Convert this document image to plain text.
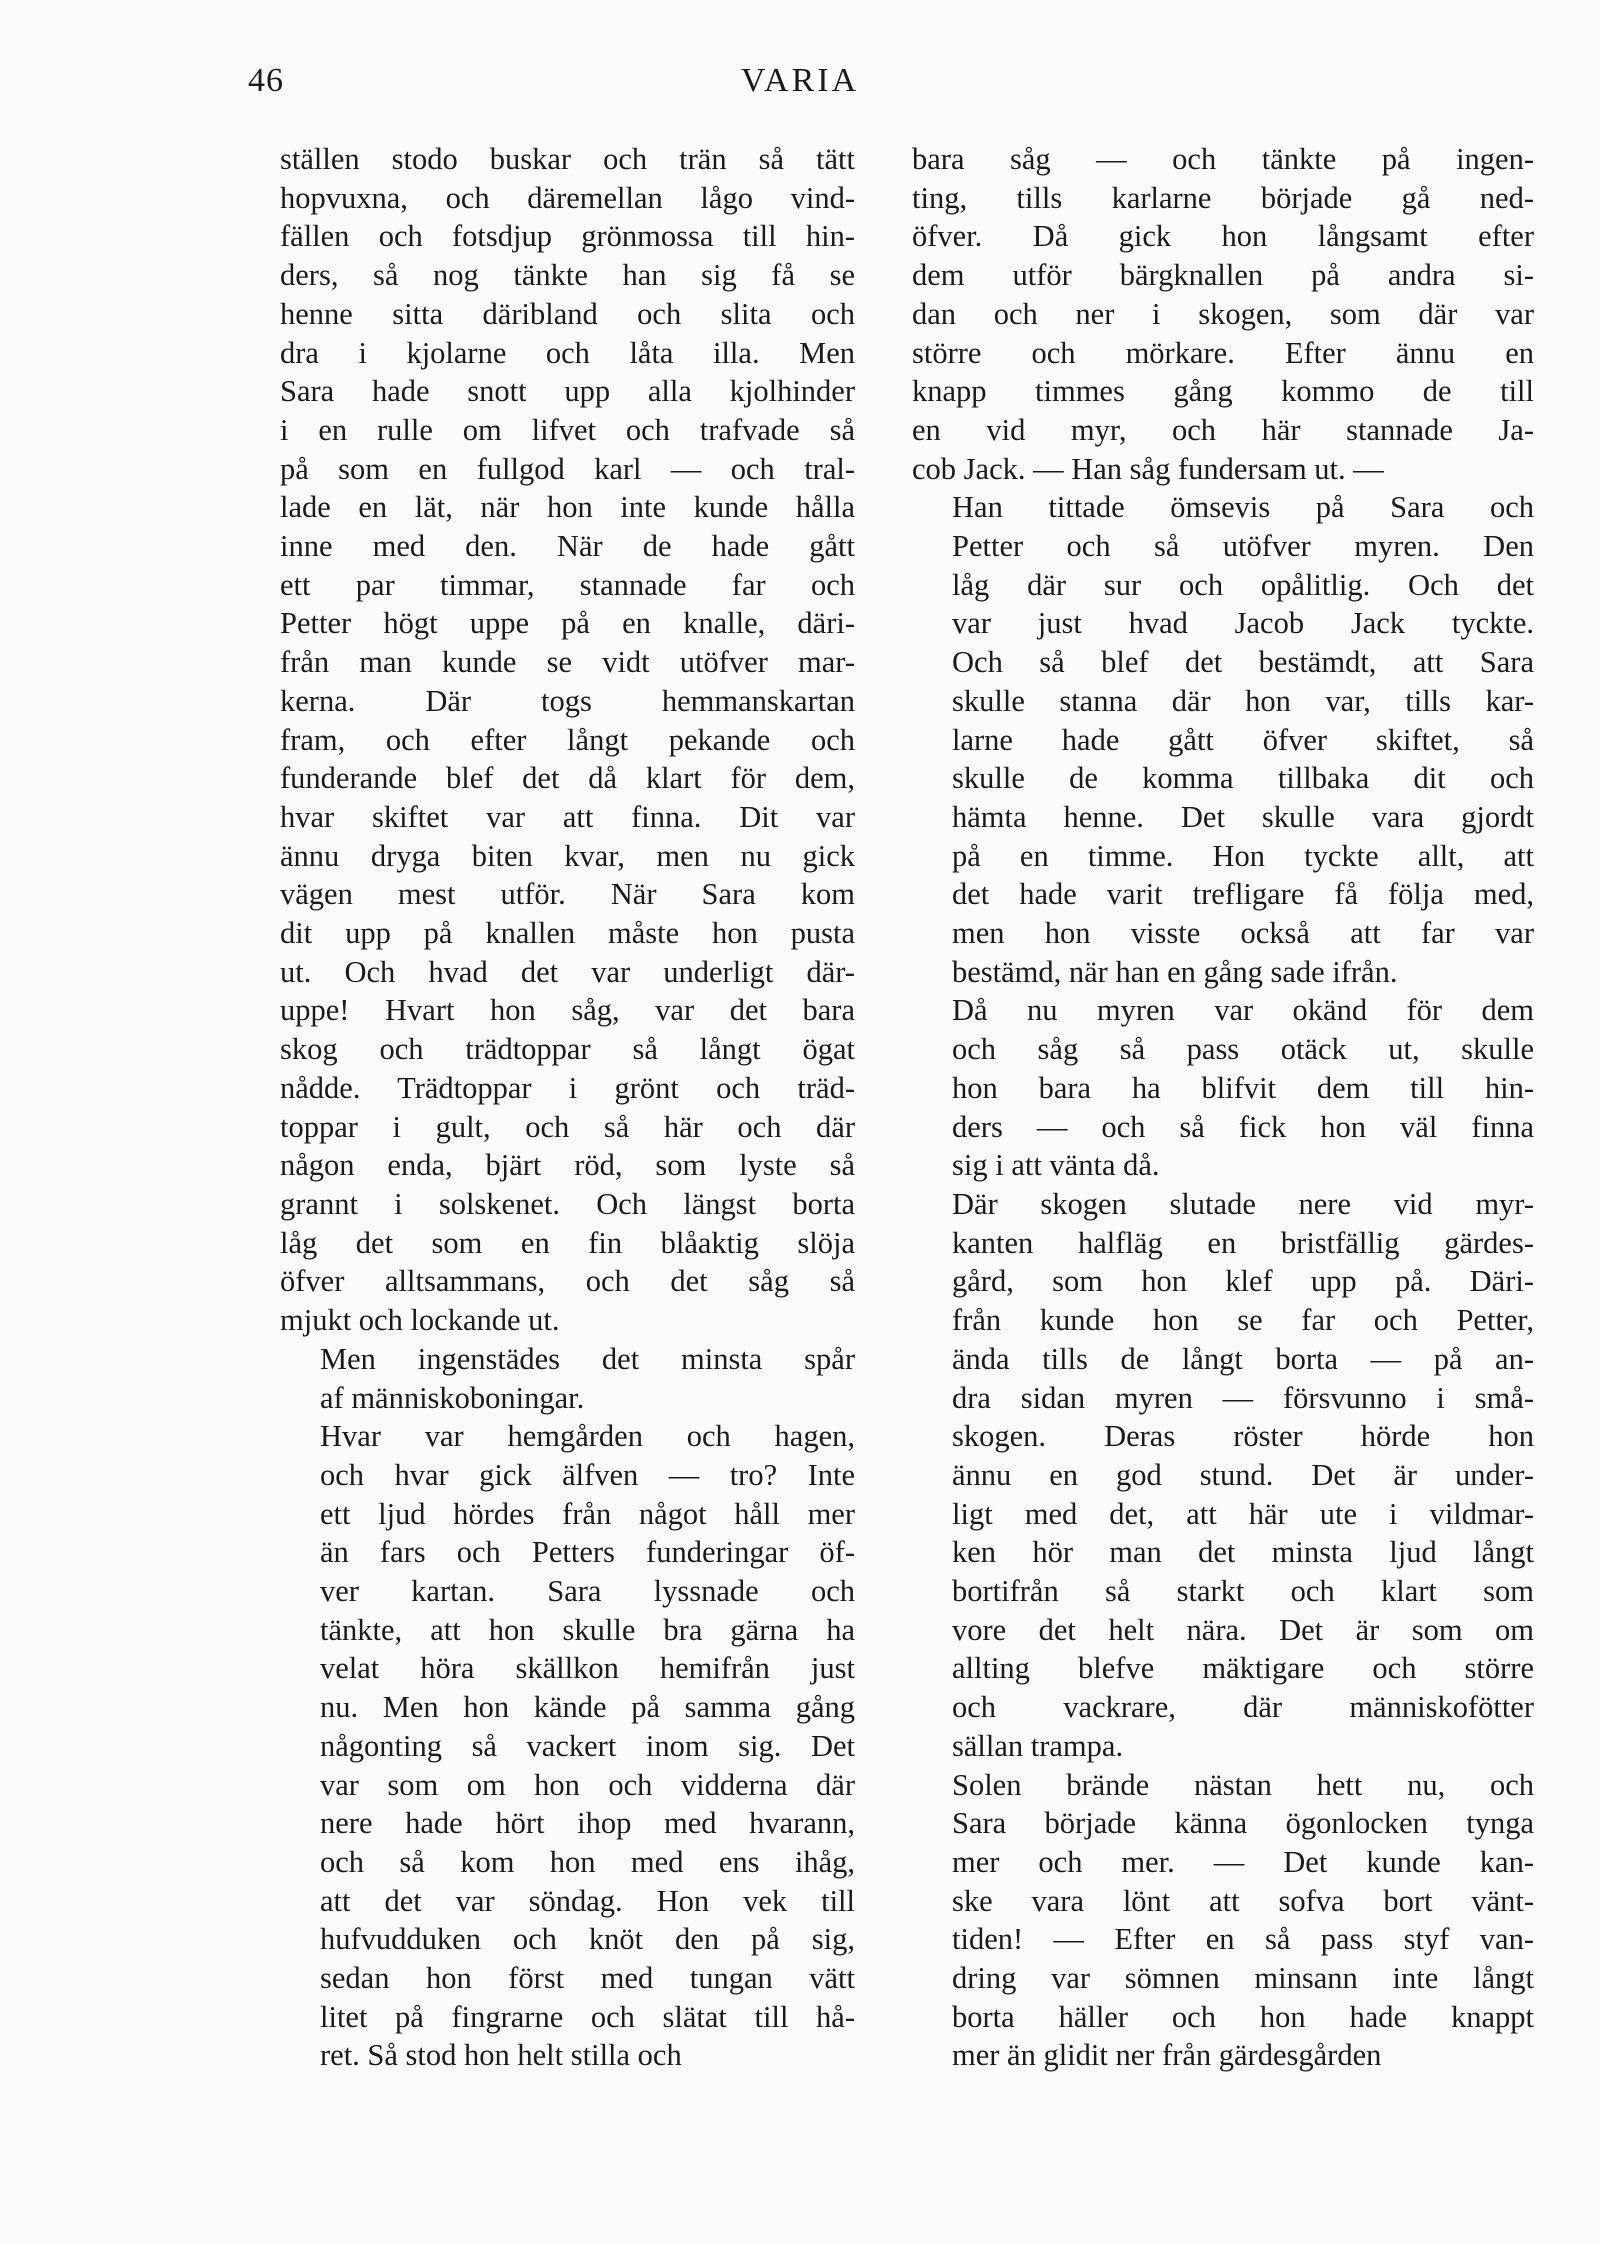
46	VARIA

ställen stodo buskar och trän så tätt
hopvuxna, och däremellan lågo vind-
fällen och fotsdjup grönmossa till hin-
ders, så nog tänkte han sig få se
henne sitta däribland och slita och
dra i kjolarne och låta illa. Men
Sara hade snott upp alla kjolhinder
i en rulle om lifvet och trafvade så
på som en fullgod karl — och tral-
lade en lät, när hon inte kunde hålla
inne med den. När de hade gått
ett par timmar, stannade far och
Petter högt uppe på en knalle, däri-
från man kunde se vidt utöfver mar-
kerna. Där togs hemmanskartan
fram, och efter långt pekande och
funderande blef det då klart för dem,
hvar skiftet var att finna. Dit var
ännu dryga biten kvar, men nu gick
vägen mest utför. När Sara kom
dit upp på knallen måste hon pusta
ut. Och hvad det var underligt där-
uppe! Hvart hon såg, var det bara
skog och trädtoppar så långt ögat
nådde. Trädtoppar i grönt och träd-
toppar i gult, och så här och där
någon enda, bjärt röd, som lyste så
grannt i solskenet. Och längst borta
låg det som en fin blåaktig slöja
öfver alltsammans, och det såg så
mjukt och lockande ut.

Men ingenstädes det minsta spår
af människoboningar.

Hvar var hemgården och hagen,
och hvar gick älfven — tro? Inte
ett ljud hördes från något håll mer
än fars och Petters funderingar öf-
ver kartan. Sara lyssnade och
tänkte, att hon skulle bra gärna ha
velat höra skällkon hemifrån just
nu. Men hon kände på samma gång
någonting så vackert inom sig. Det
var som om hon och vidderna där
nere hade hört ihop med hvarann,
och så kom hon med ens ihåg,
att det var söndag. Hon vek till
hufvudduken och knöt den på sig,
sedan hon först med tungan vätt
litet på fingrarne och slätat till hå-
ret. Så stod hon helt stilla och

bara såg — och tänkte på ingen-
ting, tills karlarne började gå ned-
öfver. Då gick hon långsamt efter
dem utför bärgknallen på andra si-
dan och ner i skogen, som där var
större och mörkare. Efter ännu en
knapp timmes gång kommo de till
en vid myr, och här stannade Ja-
cob Jack. — Han såg fundersam ut. —

Han tittade ömsevis på Sara och
Petter och så utöfver myren. Den
låg där sur och opålitlig. Och det
var just hvad Jacob Jack tyckte.
Och så blef det bestämdt, att Sara
skulle stanna där hon var, tills kar-
larne hade gått öfver skiftet, så
skulle de komma tillbaka dit och
hämta henne. Det skulle vara gjordt
på en timme. Hon tyckte allt, att
det hade varit trefligare få följa med,
men hon visste också att far var
bestämd, när han en gång sade ifrån.

Då nu myren var okänd för dem
och såg så pass otäck ut, skulle
hon bara ha blifvit dem till hin-
ders — och så fick hon väl finna
sig i att vänta då.

Där skogen slutade nere vid myr-
kanten halfläg en bristfällig gärdes-
gård, som hon klef upp på. Däri-
från kunde hon se far och Petter,
ända tills de långt borta — på an-
dra sidan myren — försvunno i små-
skogen. Deras röster hörde hon
ännu en god stund. Det är under-
ligt med det, att här ute i vildmar-
ken hör man det minsta ljud långt
bortifrån så starkt och klart som
vore det helt nära. Det är som om
allting blefve mäktigare och större
och vackrare, där människofötter
sällan trampa.

Solen brände nästan hett nu, och
Sara började känna ögonlocken tynga
mer och mer. — Det kunde kan-
ske vara lönt att sofva bort vänt-
tiden! — Efter en så pass styf van-
dring var sömnen minsann inte långt
borta häller och hon hade knappt
mer än glidit ner från gärdesgården
